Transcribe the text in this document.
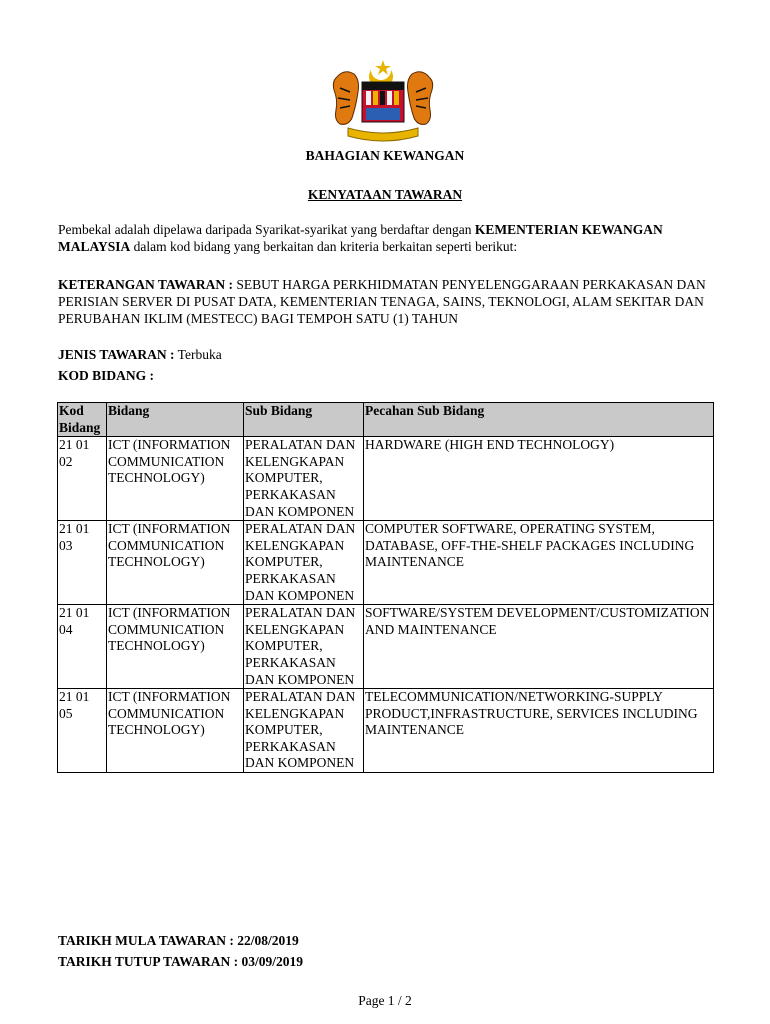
BAHAGIAN KEWANGAN
KENYATAAN TAWARAN
Pembekal adalah dipelawa daripada Syarikat-syarikat yang berdaftar dengan KEMENTERIAN KEWANGAN MALAYSIA dalam kod bidang yang berkaitan dan kriteria berkaitan seperti berikut:
KETERANGAN TAWARAN : SEBUT HARGA PERKHIDMATAN PENYELENGGARAAN PERKAKASAN DAN PERISIAN SERVER DI PUSAT DATA, KEMENTERIAN TENAGA, SAINS, TEKNOLOGI, ALAM SEKITAR DAN PERUBAHAN IKLIM (MESTECC) BAGI TEMPOH SATU (1) TAHUN
JENIS TAWARAN : Terbuka
KOD BIDANG :
Kod Bidang	Bidang	Sub Bidang	Pecahan Sub Bidang
21 01 02	ICT (INFORMATION COMMUNICATION TECHNOLOGY)	PERALATAN DAN KELENGKAPAN KOMPUTER, PERKAKASAN DAN KOMPONEN	HARDWARE (HIGH END TECHNOLOGY)
21 01 03	ICT (INFORMATION COMMUNICATION TECHNOLOGY)	PERALATAN DAN KELENGKAPAN KOMPUTER, PERKAKASAN DAN KOMPONEN	COMPUTER SOFTWARE, OPERATING SYSTEM, DATABASE, OFF-THE-SHELF PACKAGES INCLUDING MAINTENANCE
21 01 04	ICT (INFORMATION COMMUNICATION TECHNOLOGY)	PERALATAN DAN KELENGKAPAN KOMPUTER, PERKAKASAN DAN KOMPONEN	SOFTWARE/SYSTEM DEVELOPMENT/CUSTOMIZATION AND MAINTENANCE
21 01 05	ICT (INFORMATION COMMUNICATION TECHNOLOGY)	PERALATAN DAN KELENGKAPAN KOMPUTER, PERKAKASAN DAN KOMPONEN	TELECOMMUNICATION/NETWORKING-SUPPLY PRODUCT,INFRASTRUCTURE, SERVICES INCLUDING MAINTENANCE
TARIKH MULA TAWARAN : 22/08/2019
TARIKH TUTUP TAWARAN : 03/09/2019
Page 1 / 2
